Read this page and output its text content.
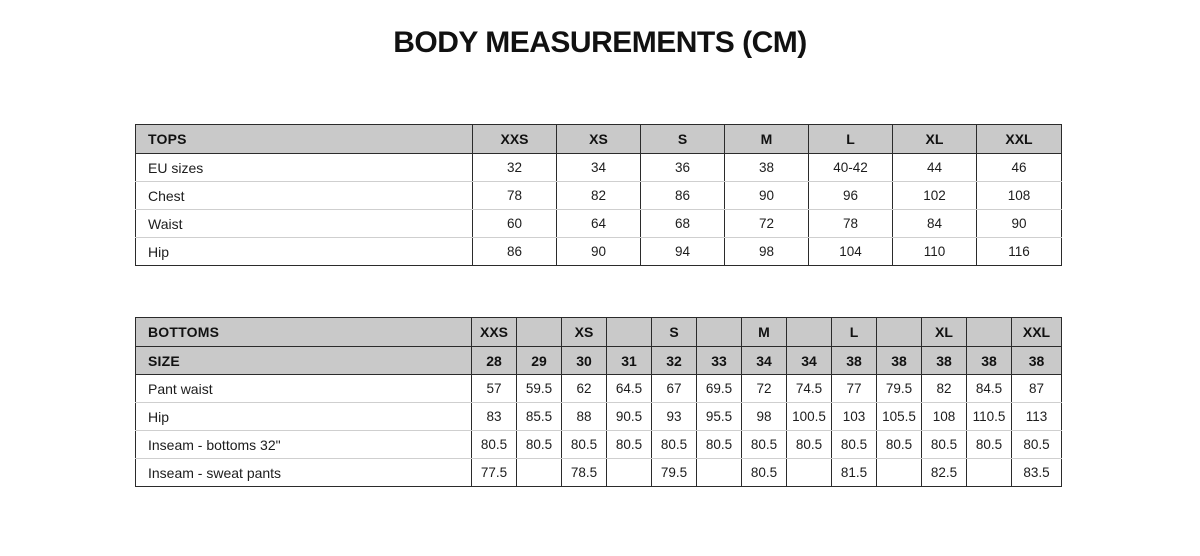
BODY MEASUREMENTS (CM)
TOPS	XXS	XS	S	M	L	XL	XXL
EU sizes	32	34	36	38	40-42	44	46
Chest	78	82	86	90	96	102	108
Waist	60	64	68	72	78	84	90
Hip	86	90	94	98	104	110	116
BOTTOMS	XXS		XS		S		M		L		XL		XXL
SIZE	28	29	30	31	32	33	34	34	38	38	38	38	38
Pant waist	57	59.5	62	64.5	67	69.5	72	74.5	77	79.5	82	84.5	87
Hip	83	85.5	88	90.5	93	95.5	98	100.5	103	105.5	108	110.5	113
Inseam - bottoms 32"	80.5	80.5	80.5	80.5	80.5	80.5	80.5	80.5	80.5	80.5	80.5	80.5	80.5
Inseam - sweat pants	77.5		78.5		79.5		80.5		81.5		82.5		83.5
